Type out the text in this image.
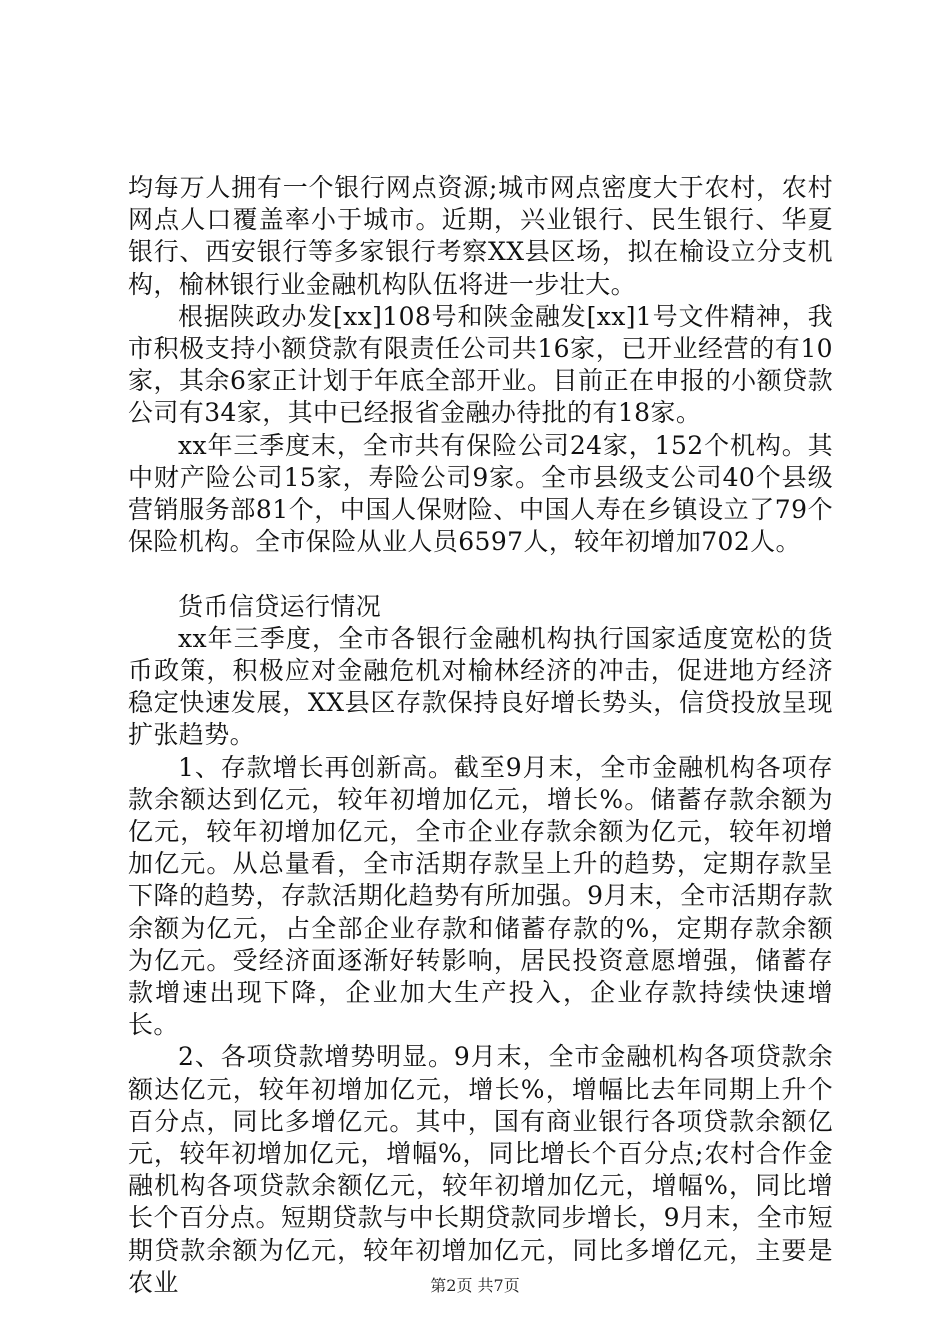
均每万人拥有一个银行网点资源;城市网点密度大于农村，农村网点人口覆盖率小于城市。近期，兴业银行、民生银行、华夏银行、西安银行等多家银行考察XX县区场，拟在榆设立分支机构，榆林银行业金融机构队伍将进一步壮大。

根据陕政办发[xx]108号和陕金融发[xx]1号文件精神，我市积极支持小额贷款有限责任公司共16家，已开业经营的有10家，其余6家正计划于年底全部开业。目前正在申报的小额贷款公司有34家，其中已经报省金融办待批的有18家。

xx年三季度末，全市共有保险公司24家，152个机构。其中财产险公司15家，寿险公司9家。全市县级支公司40个县级营销服务部81个，中国人保财险、中国人寿在乡镇设立了79个保险机构。全市保险从业人员6597人，较年初增加702人。

货币信贷运行情况

xx年三季度，全市各银行金融机构执行国家适度宽松的货币政策，积极应对金融危机对榆林经济的冲击，促进地方经济稳定快速发展，XX县区存款保持良好增长势头，信贷投放呈现扩张趋势。

1、存款增长再创新高。截至9月末，全市金融机构各项存款余额达到亿元，较年初增加亿元，增长%。储蓄存款余额为亿元，较年初增加亿元，全市企业存款余额为亿元，较年初增加亿元。从总量看，全市活期存款呈上升的趋势，定期存款呈下降的趋势，存款活期化趋势有所加强。9月末，全市活期存款余额为亿元，占全部企业存款和储蓄存款的%，定期存款余额为亿元。受经济面逐渐好转影响，居民投资意愿增强，储蓄存款增速出现下降，企业加大生产投入，企业存款持续快速增长。

2、各项贷款增势明显。9月末，全市金融机构各项贷款余额达亿元，较年初增加亿元，增长%，增幅比去年同期上升个百分点，同比多增亿元。其中，国有商业银行各项贷款余额亿元，较年初增加亿元，增幅%，同比增长个百分点;农村合作金融机构各项贷款余额亿元，较年初增加亿元，增幅%，同比增长个百分点。短期贷款与中长期贷款同步增长，9月末，全市短期贷款余额为亿元，较年初增加亿元，同比多增亿元，主要是农业	第2页 共7页
